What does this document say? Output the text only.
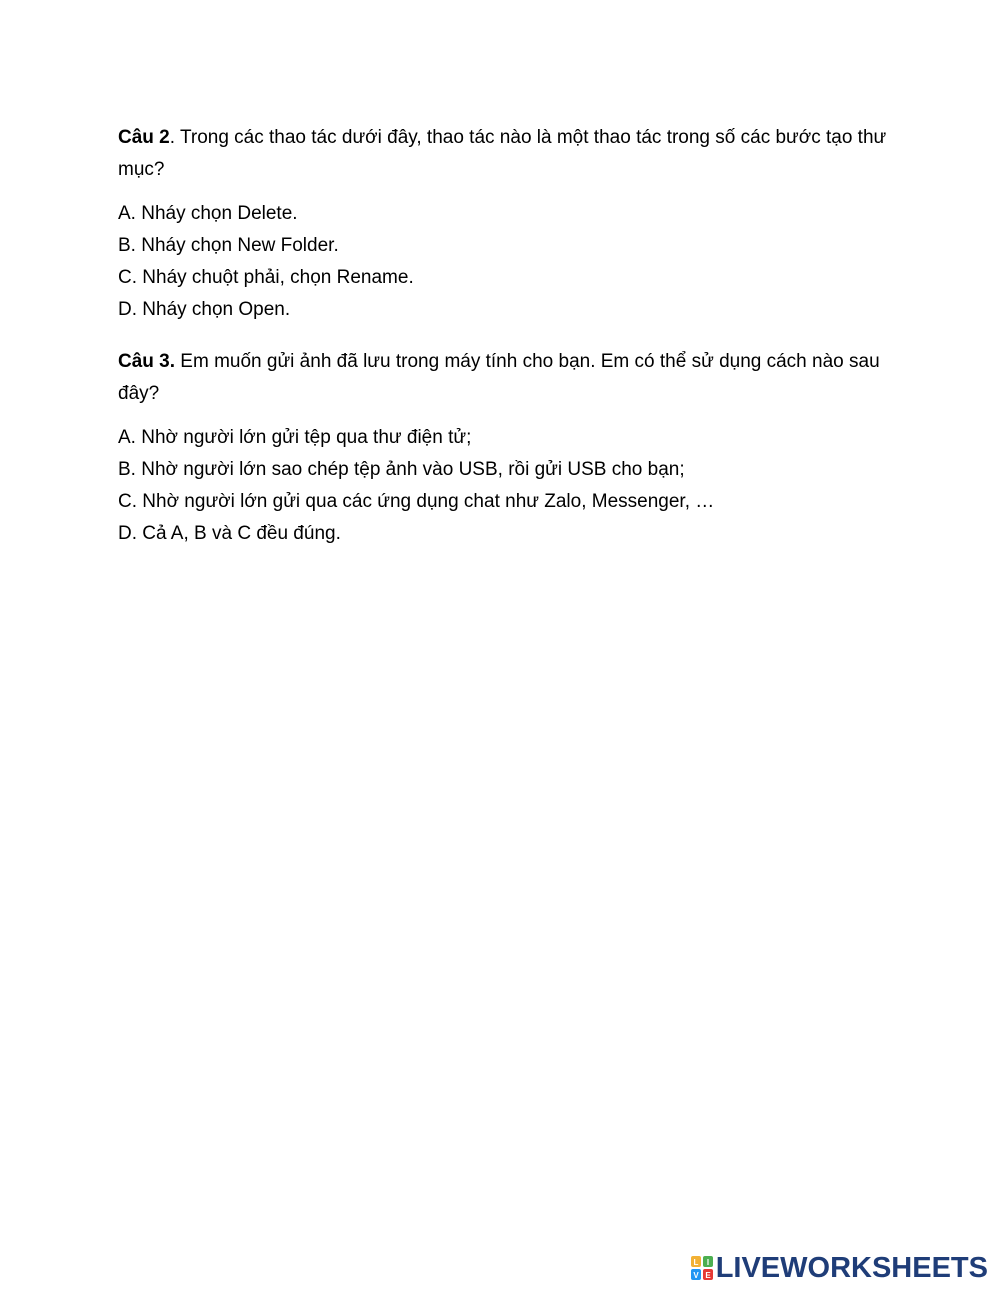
Câu 2. Trong các thao tác dưới đây, thao tác nào là một thao tác trong số các bước tạo thư mục?

A. Nháy chọn Delete.

B. Nháy chọn New Folder.

C. Nháy chuột phải, chọn Rename.

D. Nháy chọn Open.

Câu 3. Em muốn gửi ảnh đã lưu trong máy tính cho bạn. Em có thể sử dụng cách nào sau đây?

A. Nhờ người lớn gửi tệp qua thư điện tử;

B. Nhờ người lớn sao chép tệp ảnh vào USB, rồi gửi USB cho bạn;

C. Nhờ người lớn gửi qua các ứng dụng chat như Zalo, Messenger, …

D. Cả A, B và C đều đúng.

L I
V E LIVEWORKSHEETS
